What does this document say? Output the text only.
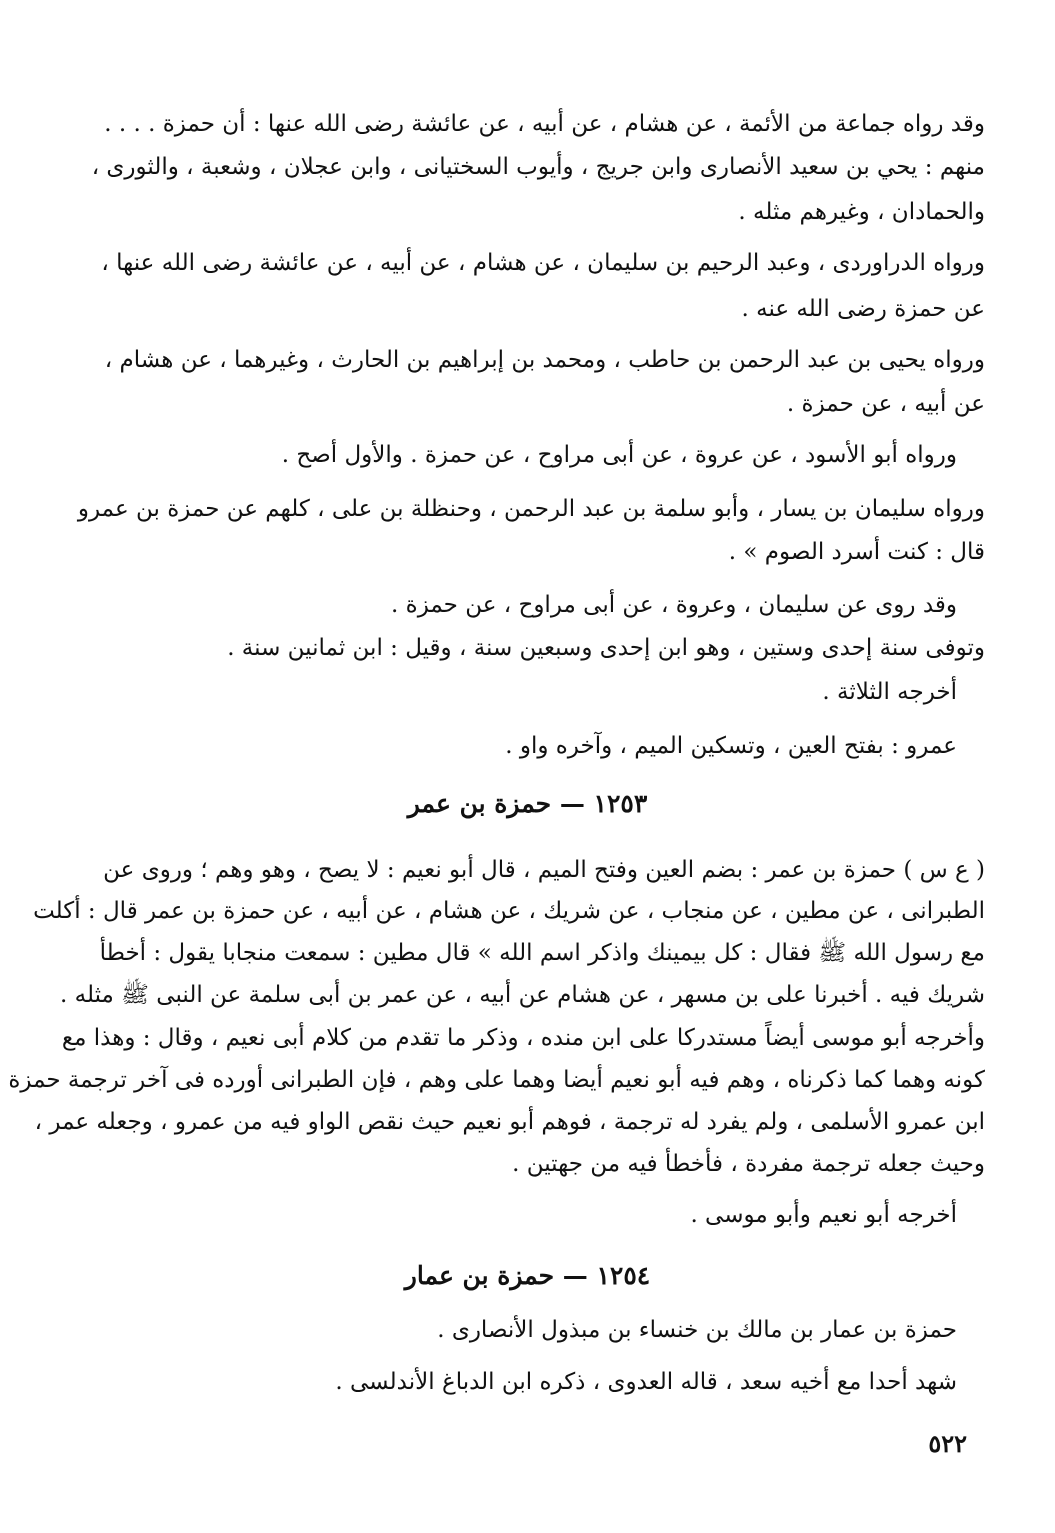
وقد رواه جماعة من الأئمة ، عن هشام ، عن أبيه ، عن عائشة رضى الله عنها : أن حمزة . . . .
منهم : يحي بن سعيد الأنصارى وابن جريج ، وأيوب السختيانى ، وابن عجلان ، وشعبة ، والثورى ،
والحمادان ، وغيرهم مثله .
ورواه الدراوردى ، وعبد الرحيم بن سليمان ، عن هشام ، عن أبيه ، عن عائشة رضى الله عنها ،
عن حمزة رضى الله عنه .
ورواه يحيى بن عبد الرحمن بن حاطب ، ومحمد بن إبراهيم بن الحارث ، وغيرهما ، عن هشام ،
عن أبيه ، عن حمزة .
ورواه أبو الأسود ، عن عروة ، عن أبى مراوح ، عن حمزة . والأول أصح .
ورواه سليمان بن يسار ، وأبو سلمة بن عبد الرحمن ، وحنظلة بن على ، كلهم عن حمزة بن عمرو
قال : كنت أسرد الصوم » .
وقد روى عن سليمان ، وعروة ، عن أبى مراوح ، عن حمزة .
وتوفى سنة إحدى وستين ، وهو ابن إحدى وسبعين سنة ، وقيل : ابن ثمانين سنة .
أخرجه الثلاثة .
عمرو : بفتح العين ، وتسكين الميم ، وآخره واو .
١٢٥٣ — حمزة بن عمر
( ع س ) حمزة بن عمر : بضم العين وفتح الميم ، قال أبو نعيم : لا يصح ، وهو وهم ؛ وروى عن
الطبرانى ، عن مطين ، عن منجاب ، عن شريك ، عن هشام ، عن أبيه ، عن حمزة بن عمر قال : أكلت
مع رسول الله ﷺ فقال : كل بيمينك واذكر اسم الله » قال مطين : سمعت منجابا يقول : أخطأ
شريك فيه . أخبرنا على بن مسهر ، عن هشام عن أبيه ، عن عمر بن أبى سلمة عن النبى ﷺ مثله .
وأخرجه أبو موسى أيضاً مستدركا على ابن منده ، وذكر ما تقدم من كلام أبى نعيم ، وقال : وهذا مع
كونه وهما كما ذكرناه ، وهم فيه أبو نعيم أيضا وهما على وهم ، فإن الطبرانى أورده فى آخر ترجمة حمزة
ابن عمرو الأسلمى ، ولم يفرد له ترجمة ، فوهم أبو نعيم حيث نقص الواو فيه من عمرو ، وجعله عمر ،
وحيث جعله ترجمة مفردة ، فأخطأ فيه من جهتين .
أخرجه أبو نعيم وأبو موسى .
١٢٥٤ — حمزة بن عمار
حمزة بن عمار بن مالك بن خنساء بن مبذول الأنصارى .
شهد أحدا مع أخيه سعد ، قاله العدوى ، ذكره ابن الدباغ الأندلسى .
٥٢٢
